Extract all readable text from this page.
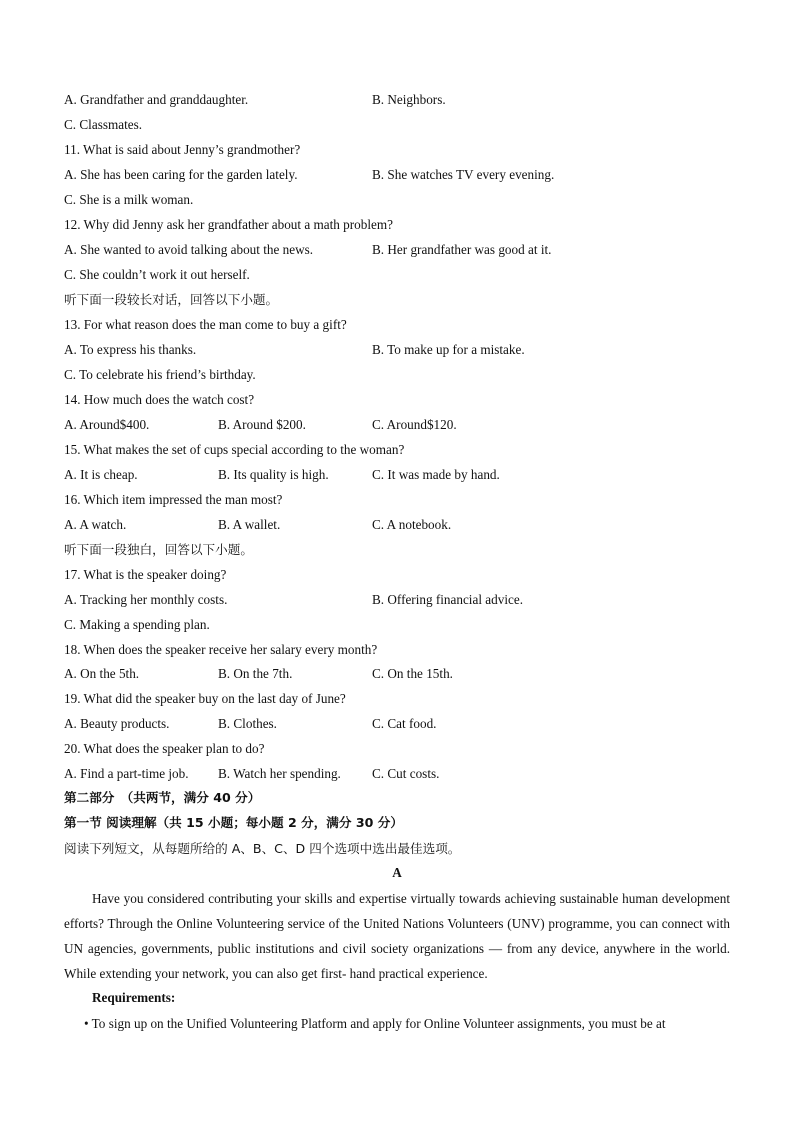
A. Grandfather and granddaughter.	B. Neighbors.
C. Classmates.
11. What is said about Jenny’s grandmother?
A. She has been caring for the garden lately.	B. She watches TV every evening.
C. She is a milk woman.
12. Why did Jenny ask her grandfather about a math problem?
A. She wanted to avoid talking about the news.	B. Her grandfather was good at it.
C. She couldn’t work it out herself.
听下面一段较长对话，回答以下小题。
13. For what reason does the man come to buy a gift?
A. To express his thanks.	B. To make up for a mistake.
C. To celebrate his friend’s birthday.
14. How much does the watch cost?
A. Around$400.	B. Around $200.	C. Around$120.
15. What makes the set of cups special according to the woman?
A. It is cheap.	B. Its quality is high.	C. It was made by hand.
16. Which item impressed the man most?
A. A watch.	B. A wallet.	C. A notebook.
听下面一段独白，回答以下小题。
17. What is the speaker doing?
A. Tracking her monthly costs.	B. Offering financial advice.
C. Making a spending plan.
18. When does the speaker receive her salary every month?
A. On the 5th.	B. On the 7th.	C. On the 15th.
19. What did the speaker buy on the last day of June?
A. Beauty products.	B. Clothes.	C. Cat food.
20. What does the speaker plan to do?
A. Find a part-time job. B. Watch her spending. C. Cut costs.
第二部分　（共两节，满分 40 分）
第一节 阅读理解（共 15 小题；每小题 2 分，满分 30 分）
阅读下列短文，从每题所给的 A、B、C、D 四个选项中选出最佳选项。
A
Have you considered contributing your skills and expertise virtually towards achieving sustainable human development efforts? Through the Online Volunteering service of the United Nations Volunteers (UNV) programme, you can connect with UN agencies, governments, public institutions and civil society organizations — from any device, anywhere in the world. While extending your network, you can also get first- hand practical experience.
Requirements:
• To sign up on the Unified Volunteering Platform and apply for Online Volunteer assignments, you must be at
